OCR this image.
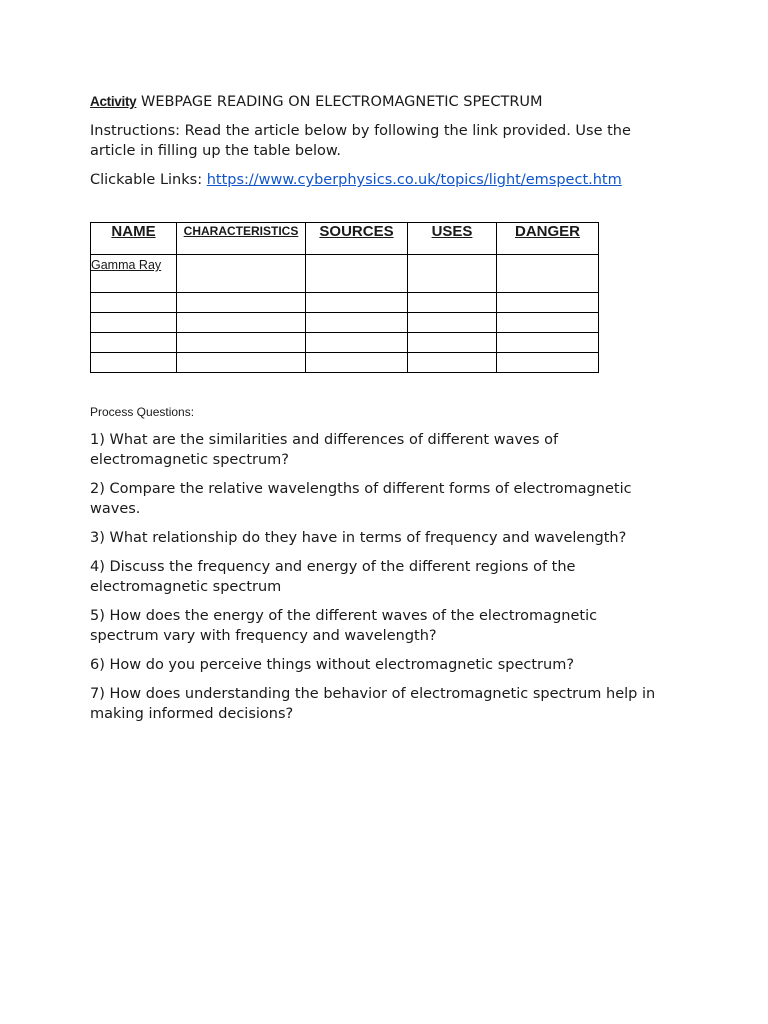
Activity WEBPAGE READING ON ELECTROMAGNETIC SPECTRUM
Instructions: Read the article below by following the link provided. Use the article in filling up the table below.
Clickable Links: https://www.cyberphysics.co.uk/topics/light/emspect.htm
NAME	CHARACTERISTICS	SOURCES	USES	DANGER
Gamma Ray				

Process Questions:
1) What are the similarities and differences of different waves of electromagnetic spectrum?
2) Compare the relative wavelengths of different forms of electromagnetic waves.
3) What relationship do they have in terms of frequency and wavelength?
4) Discuss the frequency and energy of the different regions of the electromagnetic spectrum
5) How does the energy of the different waves of the electromagnetic spectrum vary with frequency and wavelength?
6) How do you perceive things without electromagnetic spectrum?
7) How does understanding the behavior of electromagnetic spectrum help in making informed decisions?
